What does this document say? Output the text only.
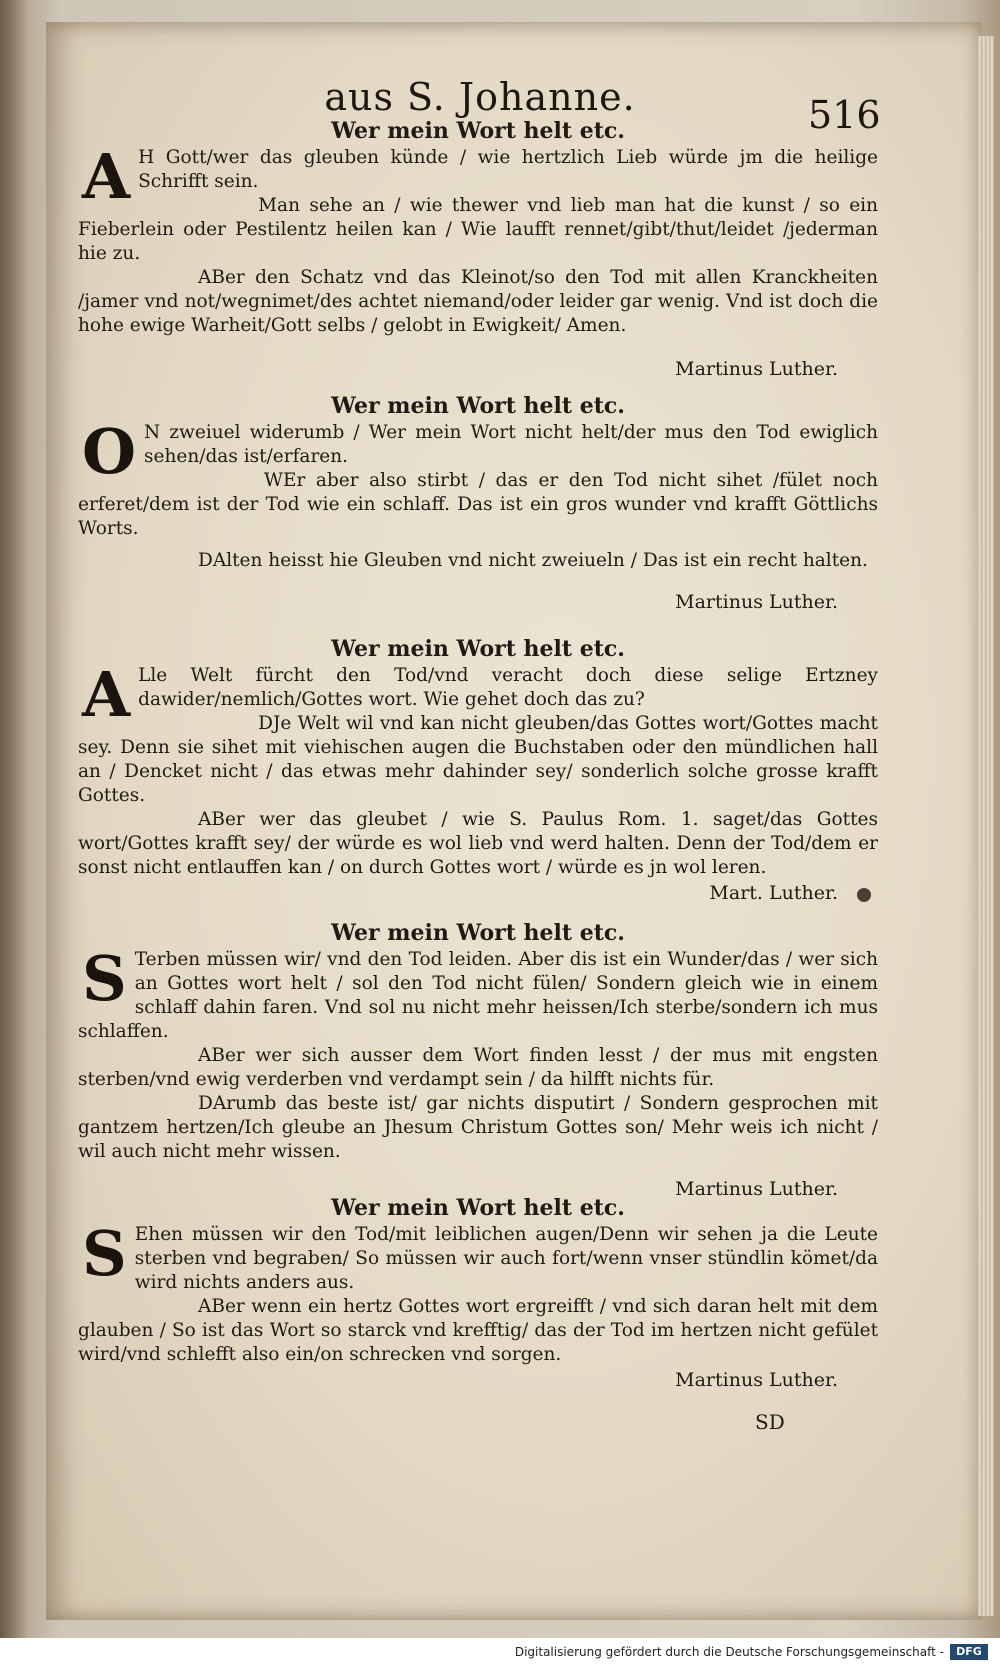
aus S. Johanne.	516
Wer mein Wort helt etc.
A H Gott/wer das gleuben künde / wie hertzlich Lieb würde jm die heilige Schrifft sein.

Man sehe an / wie thewer vnd lieb man hat die kunst / so ein Fieberlein oder Pestilentz heilen kan / Wie laufft rennet/gibt/thut/leidet /jederman hie zu.

ABer den Schatz vnd das Kleinot/so den Tod mit allen Kranckheiten /jamer vnd not/wegnimet/des achtet niemand/oder leider gar wenig. Vnd ist doch die hohe ewige Warheit/Gott selbs / gelobt in Ewigkeit/ Amen.

Martinus Luther.
Wer mein Wort helt etc.
O N zweiuel widerumb / Wer mein Wort nicht helt/der mus den Tod ewiglich sehen/das ist/erfaren.

WEr aber also stirbt / das er den Tod nicht sihet /fület noch erferet/dem ist der Tod wie ein schlaff. Das ist ein gros wunder vnd krafft Göttlichs Worts.

DAlten heisst hie Gleuben vnd nicht zweiueln / Das ist ein recht halten.

Martinus Luther.
Wer mein Wort helt etc.
A Lle Welt fürcht den Tod/vnd veracht doch diese selige Ertzney dawider/nemlich/Gottes wort. Wie gehet doch das zu?

DJe Welt wil vnd kan nicht gleuben/das Gottes wort/Gottes macht sey. Denn sie sihet mit viehischen augen die Buchstaben oder den mündlichen hall an / Dencket nicht / das etwas mehr dahinder sey/ sonderlich solche grosse krafft Gottes.

ABer wer das gleubet / wie S. Paulus Rom. 1. saget/das Gottes wort/Gottes krafft sey/ der würde es wol lieb vnd werd halten. Denn der Tod/dem er sonst nicht entlauffen kan / on durch Gottes wort / würde es jn wol leren.

Mart. Luther.
Wer mein Wort helt etc.
S Terben müssen wir/ vnd den Tod leiden. Aber dis ist ein Wunder/das / wer sich an Gottes wort helt / sol den Tod nicht fülen/ Sondern gleich wie in einem schlaff dahin faren. Vnd sol nu nicht mehr heissen/Ich sterbe/sondern ich mus schlaffen.

ABer wer sich ausser dem Wort finden lesst / der mus mit engsten sterben/vnd ewig verderben vnd verdampt sein / da hilfft nichts für.

DArumb das beste ist/ gar nichts disputirt / Sondern gesprochen mit gantzem hertzen/Ich gleube an Jhesum Christum Gottes son/ Mehr weis ich nicht / wil auch nicht mehr wissen.

Martinus Luther.
Wer mein Wort helt etc.
S Ehen müssen wir den Tod/mit leiblichen augen/Denn wir sehen ja die Leute sterben vnd begraben/ So müssen wir auch fort/wenn vnser stündlin kömet/da wird nichts anders aus.

ABer wenn ein hertz Gottes wort ergreifft / vnd sich daran helt mit dem glauben / So ist das Wort so starck vnd krefftig/ das der Tod im hertzen nicht gefület wird/vnd schlefft also ein/on schrecken vnd sorgen.

Martinus Luther.
SD
Digitalisierung gefördert durch die Deutsche Forschungsgemeinschaft -	DFG
